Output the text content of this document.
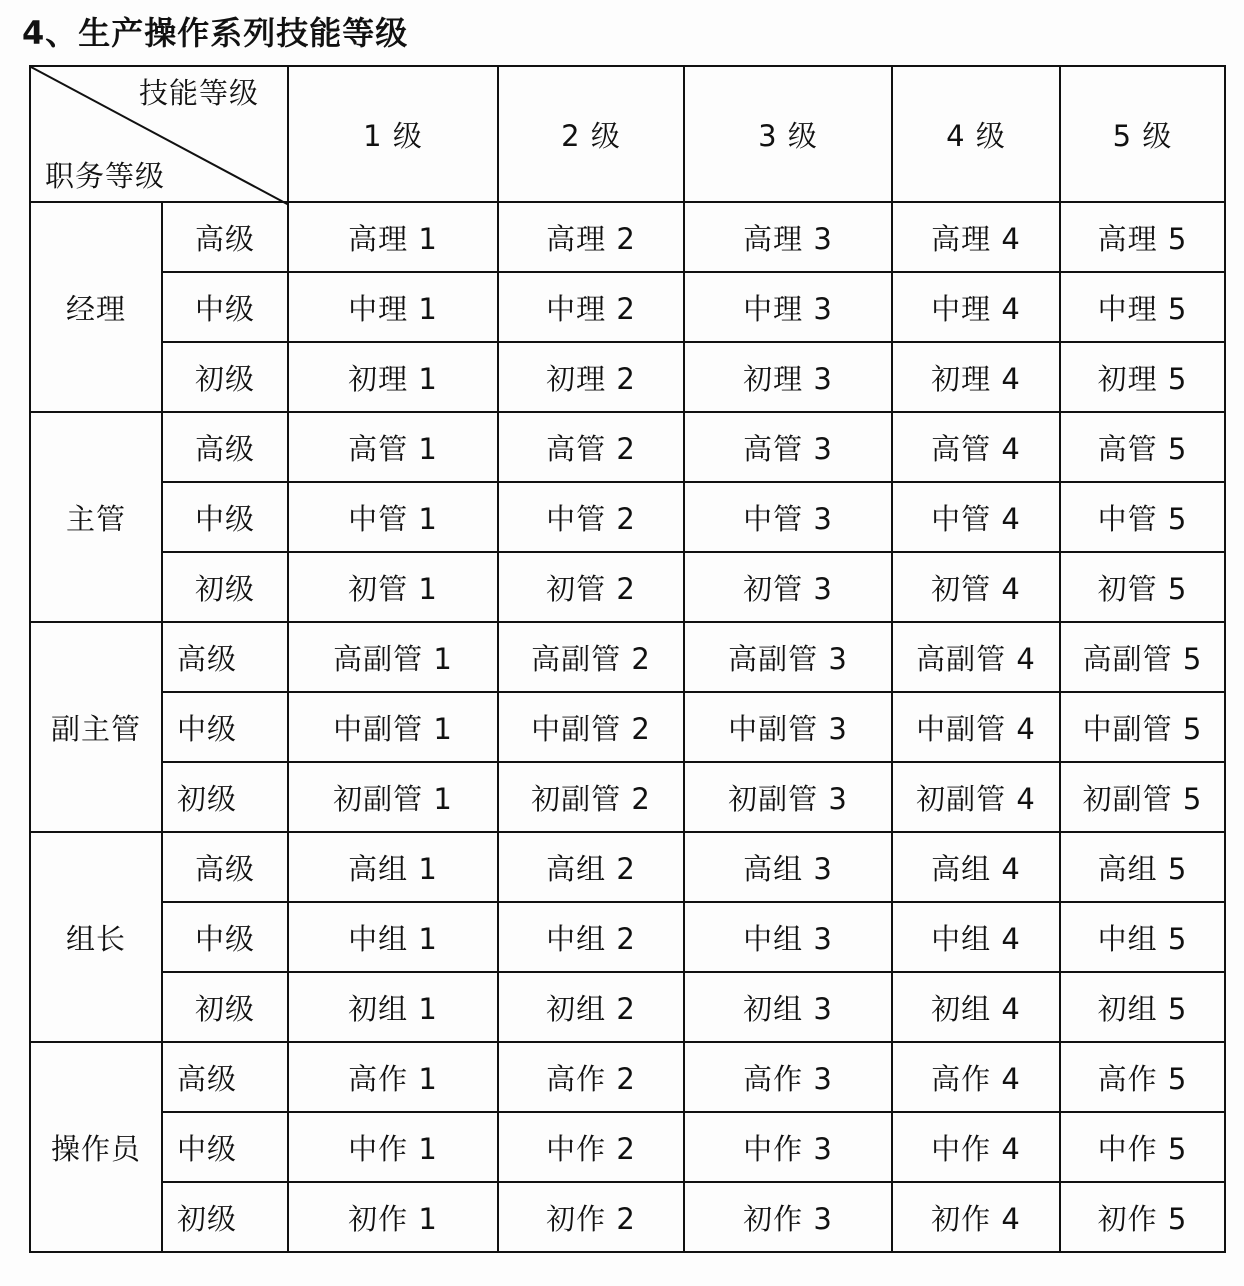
4、生产操作系列技能等级
技能等级
职务等级		1 级	2 级	3 级	4 级	5 级
经理	高级	高理 1	高理 2	高理 3	高理 4	高理 5
	中级	中理 1	中理 2	中理 3	中理 4	中理 5
	初级	初理 1	初理 2	初理 3	初理 4	初理 5
主管	高级	高管 1	高管 2	高管 3	高管 4	高管 5
	中级	中管 1	中管 2	中管 3	中管 4	中管 5
	初级	初管 1	初管 2	初管 3	初管 4	初管 5
副主管	高级	高副管 1	高副管 2	高副管 3	高副管 4	高副管 5
	中级	中副管 1	中副管 2	中副管 3	中副管 4	中副管 5
	初级	初副管 1	初副管 2	初副管 3	初副管 4	初副管 5
组长	高级	高组 1	高组 2	高组 3	高组 4	高组 5
	中级	中组 1	中组 2	中组 3	中组 4	中组 5
	初级	初组 1	初组 2	初组 3	初组 4	初组 5
操作员	高级	高作 1	高作 2	高作 3	高作 4	高作 5
	中级	中作 1	中作 2	中作 3	中作 4	中作 5
	初级	初作 1	初作 2	初作 3	初作 4	初作 5
